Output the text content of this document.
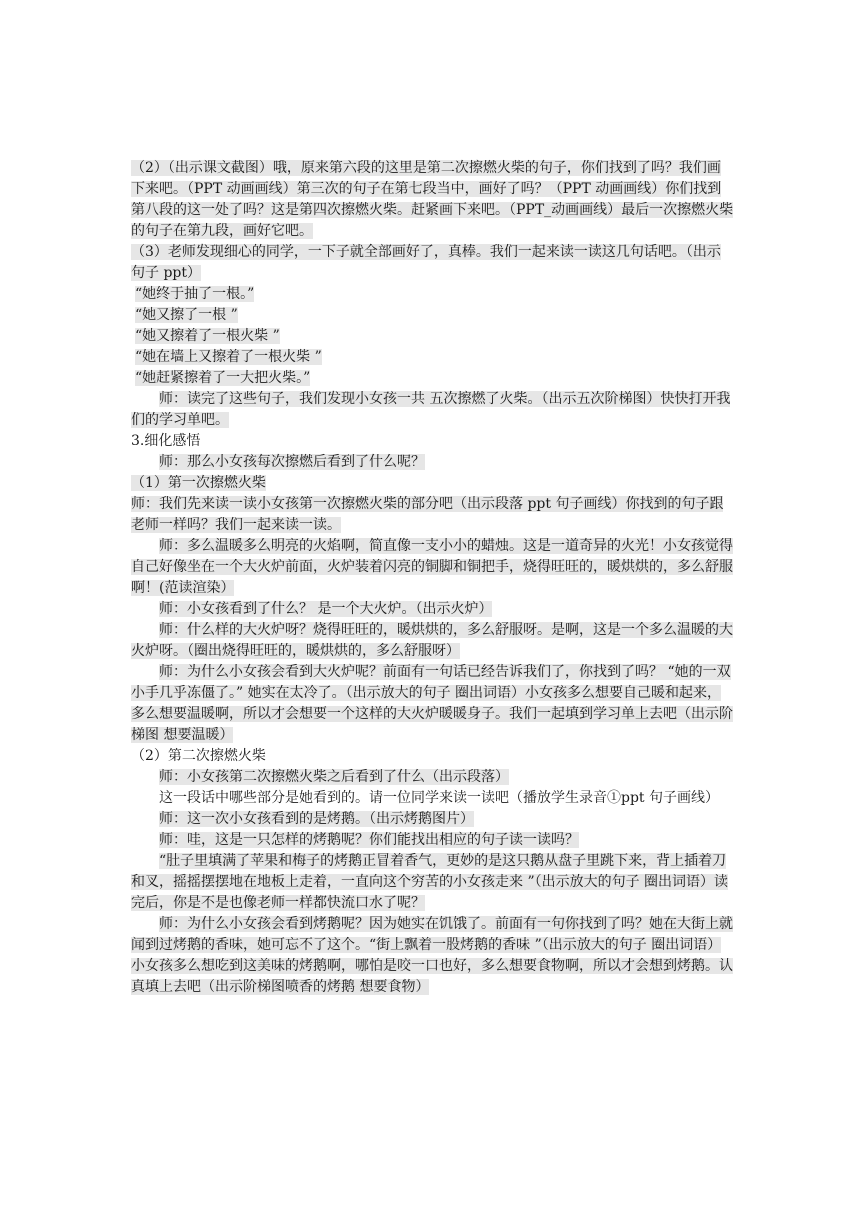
（2）（出示课文截图）哦，原来第六段的这里是第二次擦燃火柴的句子，你们找到了吗？我们画下来吧。（PPT 动画画线）第三次的句子在第七段当中，画好了吗？（PPT 动画画线）你们找到第八段的这一处了吗？这是第四次擦燃火柴。赶紧画下来吧。（PPT_动画画线）最后一次擦燃火柴的句子在第九段，画好它吧。

（3）老师发现细心的同学，一下子就全部画好了，真棒。我们一起来读一读这几句话吧。（出示句子 ppt）

“她终于抽了一根。”

“她又擦了一根 ”

“她又擦着了一根火柴 ”

“她在墙上又擦着了一根火柴 ”

“她赶紧擦着了一大把火柴。”

师：读完了这些句子，我们发现小女孩一共 五次擦燃了火柴。（出示五次阶梯图）快快打开我们的学习单吧。

3.细化感悟

师：那么小女孩每次擦燃后看到了什么呢？

（1）第一次擦燃火柴

师：我们先来读一读小女孩第一次擦燃火柴的部分吧（出示段落 ppt 句子画线）你找到的句子跟老师一样吗？我们一起来读一读。

师：多么温暖多么明亮的火焰啊，简直像一支小小的蜡烛。这是一道奇异的火光！小女孩觉得自己好像坐在一个大火炉前面，火炉装着闪亮的铜脚和铜把手，烧得旺旺的，暖烘烘的，多么舒服啊！(范读渲染）

师：小女孩看到了什么？ 是一个大火炉。（出示火炉）

师：什么样的大火炉呀？烧得旺旺的，暖烘烘的，多么舒服呀。是啊，这是一个多么温暖的大火炉呀。（圈出烧得旺旺的，暖烘烘的，多么舒服呀）

师：为什么小女孩会看到大火炉呢？前面有一句话已经告诉我们了，你找到了吗？ “她的一双小手几乎冻僵了。” 她实在太冷了。（出示放大的句子 圈出词语）小女孩多么想要自己暖和起来，多么想要温暖啊，所以才会想要一个这样的大火炉暖暖身子。我们一起填到学习单上去吧（出示阶梯图 想要温暖）

（2）第二次擦燃火柴

师：小女孩第二次擦燃火柴之后看到了什么（出示段落）

这一段话中哪些部分是她看到的。请一位同学来读一读吧（播放学生录音①ppt 句子画线）

师：这一次小女孩看到的是烤鹅。（出示烤鹅图片）

师：哇，这是一只怎样的烤鹅呢？你们能找出相应的句子读一读吗？

“肚子里填满了苹果和梅子的烤鹅正冒着香气，更妙的是这只鹅从盘子里跳下来，背上插着刀和叉，摇摇摆摆地在地板上走着，一直向这个穷苦的小女孩走来 ”（出示放大的句子 圈出词语）读完后，你是不是也像老师一样都快流口水了呢？

师：为什么小女孩会看到烤鹅呢？因为她实在饥饿了。前面有一句你找到了吗？她在大街上就闻到过烤鹅的香味，她可忘不了这个。“街上飘着一股烤鹅的香味 ”（出示放大的句子 圈出词语）小女孩多么想吃到这美味的烤鹅啊，哪怕是咬一口也好，多么想要食物啊，所以才会想到烤鹅。认真填上去吧（出示阶梯图喷香的烤鹅 想要食物）
